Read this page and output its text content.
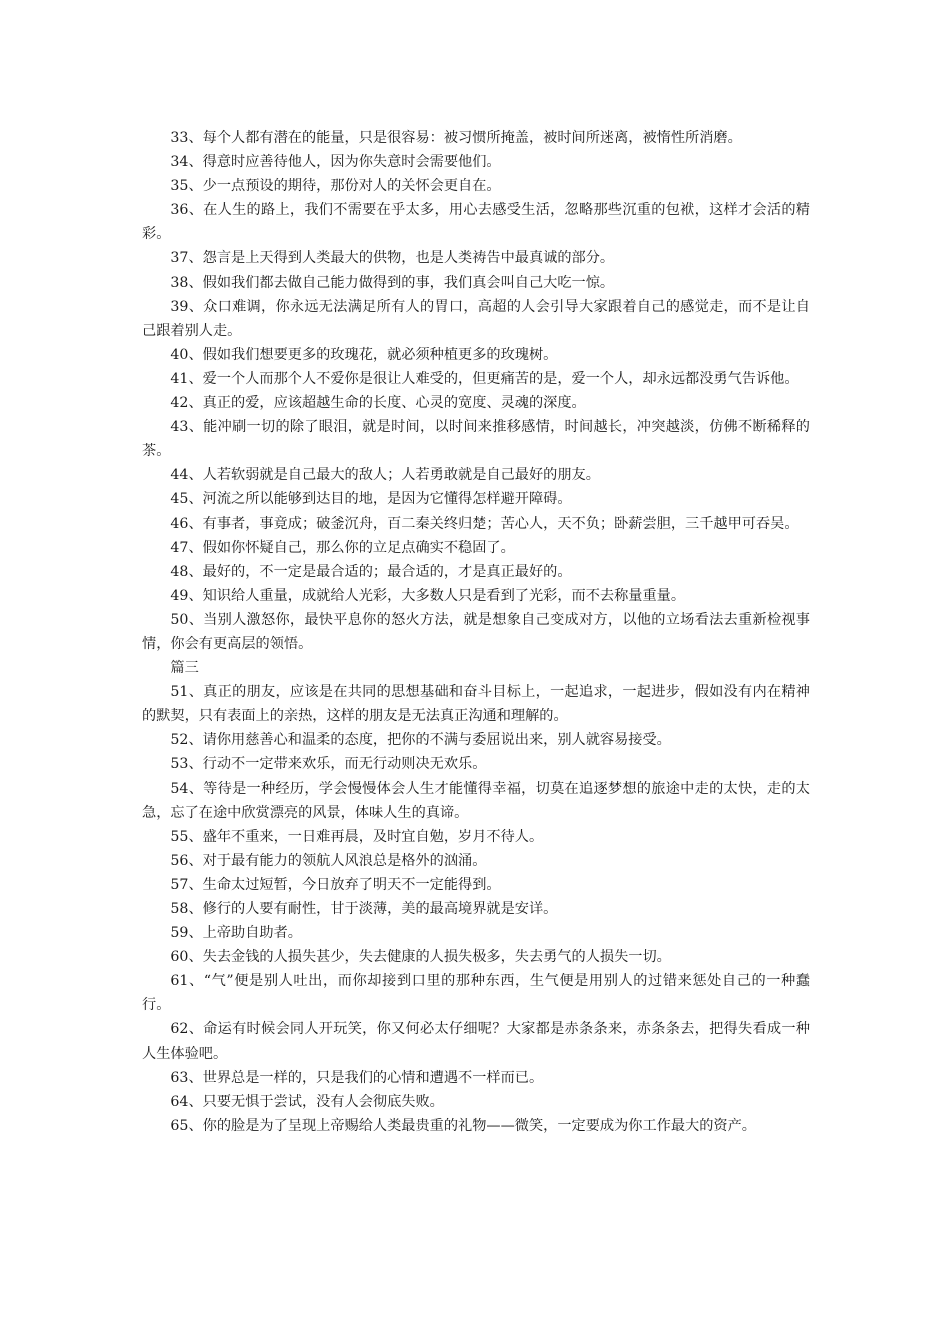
33、每个人都有潜在的能量，只是很容易：被习惯所掩盖，被时间所迷离，被惰性所消磨。

34、得意时应善待他人，因为你失意时会需要他们。

35、少一点预设的期待，那份对人的关怀会更自在。

36、在人生的路上，我们不需要在乎太多，用心去感受生活，忽略那些沉重的包袱，这样才会活的精彩。

37、怨言是上天得到人类最大的供物，也是人类祷告中最真诚的部分。

38、假如我们都去做自己能力做得到的事，我们真会叫自己大吃一惊。

39、众口难调，你永远无法满足所有人的胃口，高超的人会引导大家跟着自己的感觉走，而不是让自己跟着别人走。

40、假如我们想要更多的玫瑰花，就必须种植更多的玫瑰树。

41、爱一个人而那个人不爱你是很让人难受的，但更痛苦的是，爱一个人，却永远都没勇气告诉他。

42、真正的爱，应该超越生命的长度、心灵的宽度、灵魂的深度。

43、能冲刷一切的除了眼泪，就是时间，以时间来推移感情，时间越长，冲突越淡，仿佛不断稀释的茶。

44、人若软弱就是自己最大的敌人；人若勇敢就是自己最好的朋友。

45、河流之所以能够到达目的地，是因为它懂得怎样避开障碍。

46、有事者，事竟成；破釜沉舟，百二秦关终归楚；苦心人，天不负；卧薪尝胆，三千越甲可吞吴。

47、假如你怀疑自己，那么你的立足点确实不稳固了。

48、最好的，不一定是最合适的；最合适的，才是真正最好的。

49、知识给人重量，成就给人光彩，大多数人只是看到了光彩，而不去称量重量。

50、当别人激怒你，最快平息你的怒火方法，就是想象自己变成对方，以他的立场看法去重新检视事情，你会有更高层的领悟。

篇三

51、真正的朋友，应该是在共同的思想基础和奋斗目标上，一起追求，一起进步，假如没有内在精神的默契，只有表面上的亲热，这样的朋友是无法真正沟通和理解的。

52、请你用慈善心和温柔的态度，把你的不满与委屈说出来，别人就容易接受。

53、行动不一定带来欢乐，而无行动则决无欢乐。

54、等待是一种经历，学会慢慢体会人生才能懂得幸福，切莫在追逐梦想的旅途中走的太快，走的太急，忘了在途中欣赏漂亮的风景，体味人生的真谛。

55、盛年不重来，一日难再晨，及时宜自勉，岁月不待人。

56、对于最有能力的领航人风浪总是格外的汹涌。

57、生命太过短暂，今日放弃了明天不一定能得到。

58、修行的人要有耐性，甘于淡薄，美的最高境界就是安详。

59、上帝助自助者。

60、失去金钱的人损失甚少，失去健康的人损失极多，失去勇气的人损失一切。

61、“气”便是别人吐出，而你却接到口里的那种东西，生气便是用别人的过错来惩处自己的一种蠢行。

62、命运有时候会同人开玩笑，你又何必太仔细呢？大家都是赤条条来，赤条条去，把得失看成一种人生体验吧。

63、世界总是一样的，只是我们的心情和遭遇不一样而已。

64、只要无惧于尝试，没有人会彻底失败。

65、你的脸是为了呈现上帝赐给人类最贵重的礼物——微笑，一定要成为你工作最大的资产。
